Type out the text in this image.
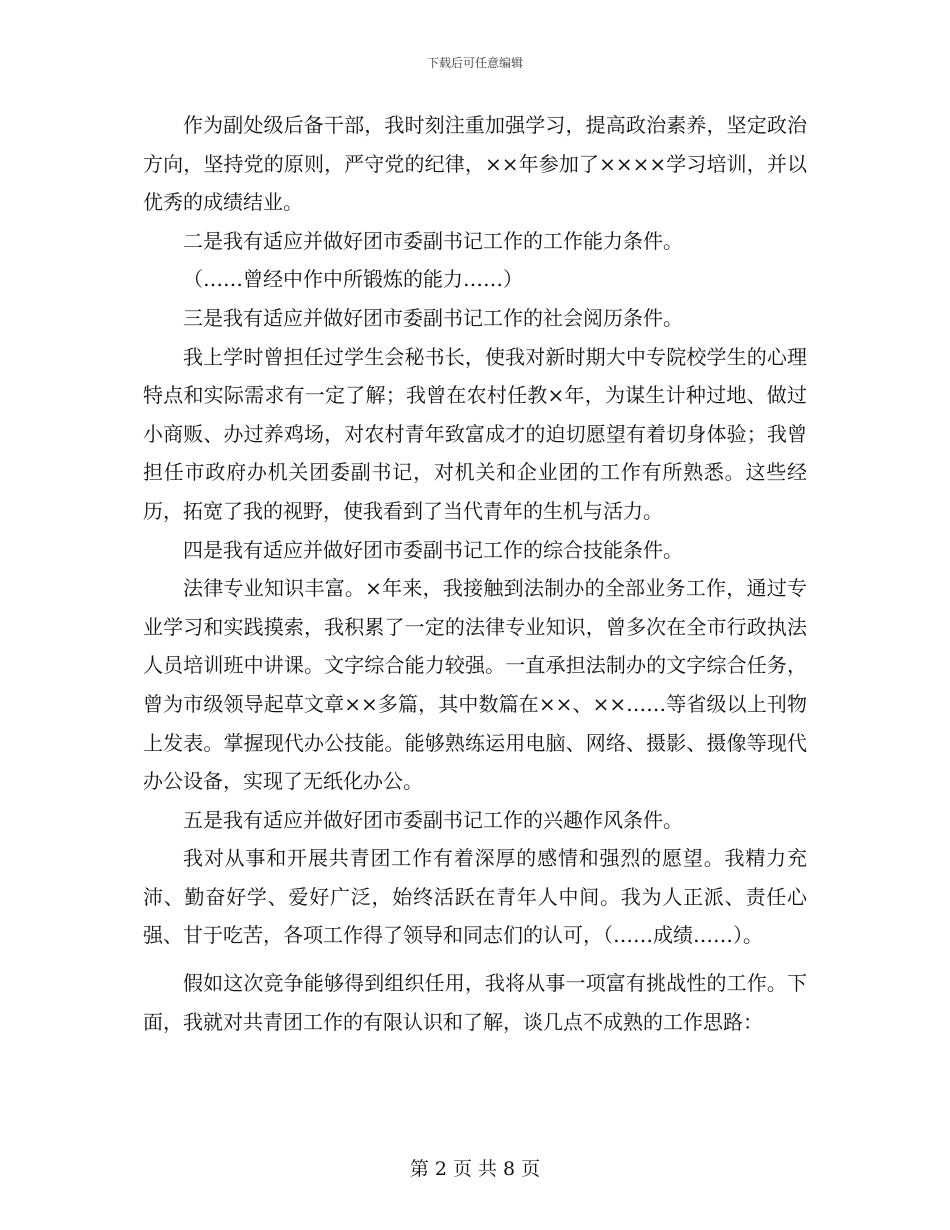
下载后可任意编辑

作为副处级后备干部，我时刻注重加强学习，提高政治素养，坚定政治方向，坚持党的原则，严守党的纪律，××年参加了××××学习培训，并以优秀的成绩结业。

二是我有适应并做好团市委副书记工作的工作能力条件。

（……曾经中作中所锻炼的能力……）

三是我有适应并做好团市委副书记工作的社会阅历条件。

我上学时曾担任过学生会秘书长，使我对新时期大中专院校学生的心理特点和实际需求有一定了解；我曾在农村任教×年，为谋生计种过地、做过小商贩、办过养鸡场，对农村青年致富成才的迫切愿望有着切身体验；我曾担任市政府办机关团委副书记，对机关和企业团的工作有所熟悉。这些经历，拓宽了我的视野，使我看到了当代青年的生机与活力。

四是我有适应并做好团市委副书记工作的综合技能条件。

法律专业知识丰富。×年来，我接触到法制办的全部业务工作，通过专业学习和实践摸索，我积累了一定的法律专业知识，曾多次在全市行政执法人员培训班中讲课。文字综合能力较强。一直承担法制办的文字综合任务，曾为市级领导起草文章××多篇，其中数篇在××、××……等省级以上刊物上发表。掌握现代办公技能。能够熟练运用电脑、网络、摄影、摄像等现代办公设备，实现了无纸化办公。

五是我有适应并做好团市委副书记工作的兴趣作风条件。

我对从事和开展共青团工作有着深厚的感情和强烈的愿望。我精力充沛、勤奋好学、爱好广泛，始终活跃在青年人中间。我为人正派、责任心强、甘于吃苦，各项工作得了领导和同志们的认可，（……成绩……）。

假如这次竞争能够得到组织任用，我将从事一项富有挑战性的工作。下面，我就对共青团工作的有限认识和了解，谈几点不成熟的工作思路：

第 2 页 共 8 页
